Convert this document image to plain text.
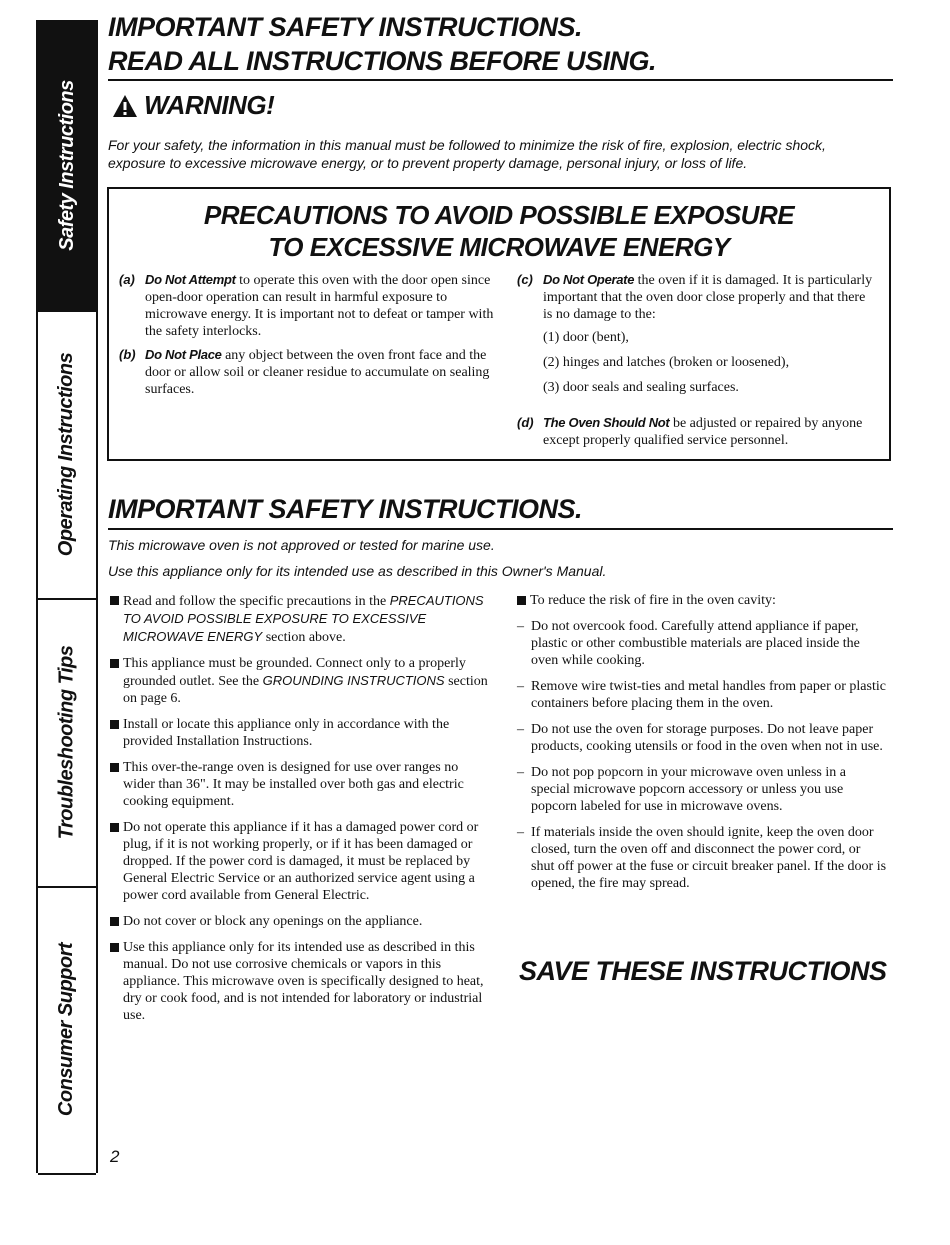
Safety Instructions
Operating Instructions
Troubleshooting Tips
Consumer Support
IMPORTANT SAFETY INSTRUCTIONS.
READ ALL INSTRUCTIONS BEFORE USING.
WARNING!
For your safety, the information in this manual must be followed to minimize the risk of fire, explosion, electric shock, exposure to excessive microwave energy, or to prevent property damage, personal injury, or loss of life.
PRECAUTIONS TO AVOID POSSIBLE EXPOSURE
TO EXCESSIVE MICROWAVE ENERGY
(a) Do Not Attempt to operate this oven with the door open since open-door operation can result in harmful exposure to microwave energy. It is important not to defeat or tamper with the safety interlocks.
(b) Do Not Place any object between the oven front face and the door or allow soil or cleaner residue to accumulate on sealing surfaces.
(c) Do Not Operate the oven if it is damaged. It is particularly important that the oven door close properly and that there is no damage to the:
(1) door (bent),
(2) hinges and latches (broken or loosened),
(3) door seals and sealing surfaces.
(d) The Oven Should Not be adjusted or repaired by anyone except properly qualified service personnel.
IMPORTANT SAFETY INSTRUCTIONS.
This microwave oven is not approved or tested for marine use.
Use this appliance only for its intended use as described in this Owner's Manual.
Read and follow the specific precautions in the PRECAUTIONS TO AVOID POSSIBLE EXPOSURE TO EXCESSIVE MICROWAVE ENERGY section above.
This appliance must be grounded. Connect only to a properly grounded outlet. See the GROUNDING INSTRUCTIONS section on page 6.
Install or locate this appliance only in accordance with the provided Installation Instructions.
This over-the-range oven is designed for use over ranges no wider than 36". It may be installed over both gas and electric cooking equipment.
Do not operate this appliance if it has a damaged power cord or plug, if it is not working properly, or if it has been damaged or dropped. If the power cord is damaged, it must be replaced by General Electric Service or an authorized service agent using a power cord available from General Electric.
Do not cover or block any openings on the appliance.
Use this appliance only for its intended use as described in this manual. Do not use corrosive chemicals or vapors in this appliance. This microwave oven is specifically designed to heat, dry or cook food, and is not intended for laboratory or industrial use.
To reduce the risk of fire in the oven cavity:
– Do not overcook food. Carefully attend appliance if paper, plastic or other combustible materials are placed inside the oven while cooking.
– Remove wire twist-ties and metal handles from paper or plastic containers before placing them in the oven.
– Do not use the oven for storage purposes. Do not leave paper products, cooking utensils or food in the oven when not in use.
– Do not pop popcorn in your microwave oven unless in a special microwave popcorn accessory or unless you use popcorn labeled for use in microwave ovens.
– If materials inside the oven should ignite, keep the oven door closed, turn the oven off and disconnect the power cord, or shut off power at the fuse or circuit breaker panel. If the door is opened, the fire may spread.
SAVE THESE INSTRUCTIONS
2
